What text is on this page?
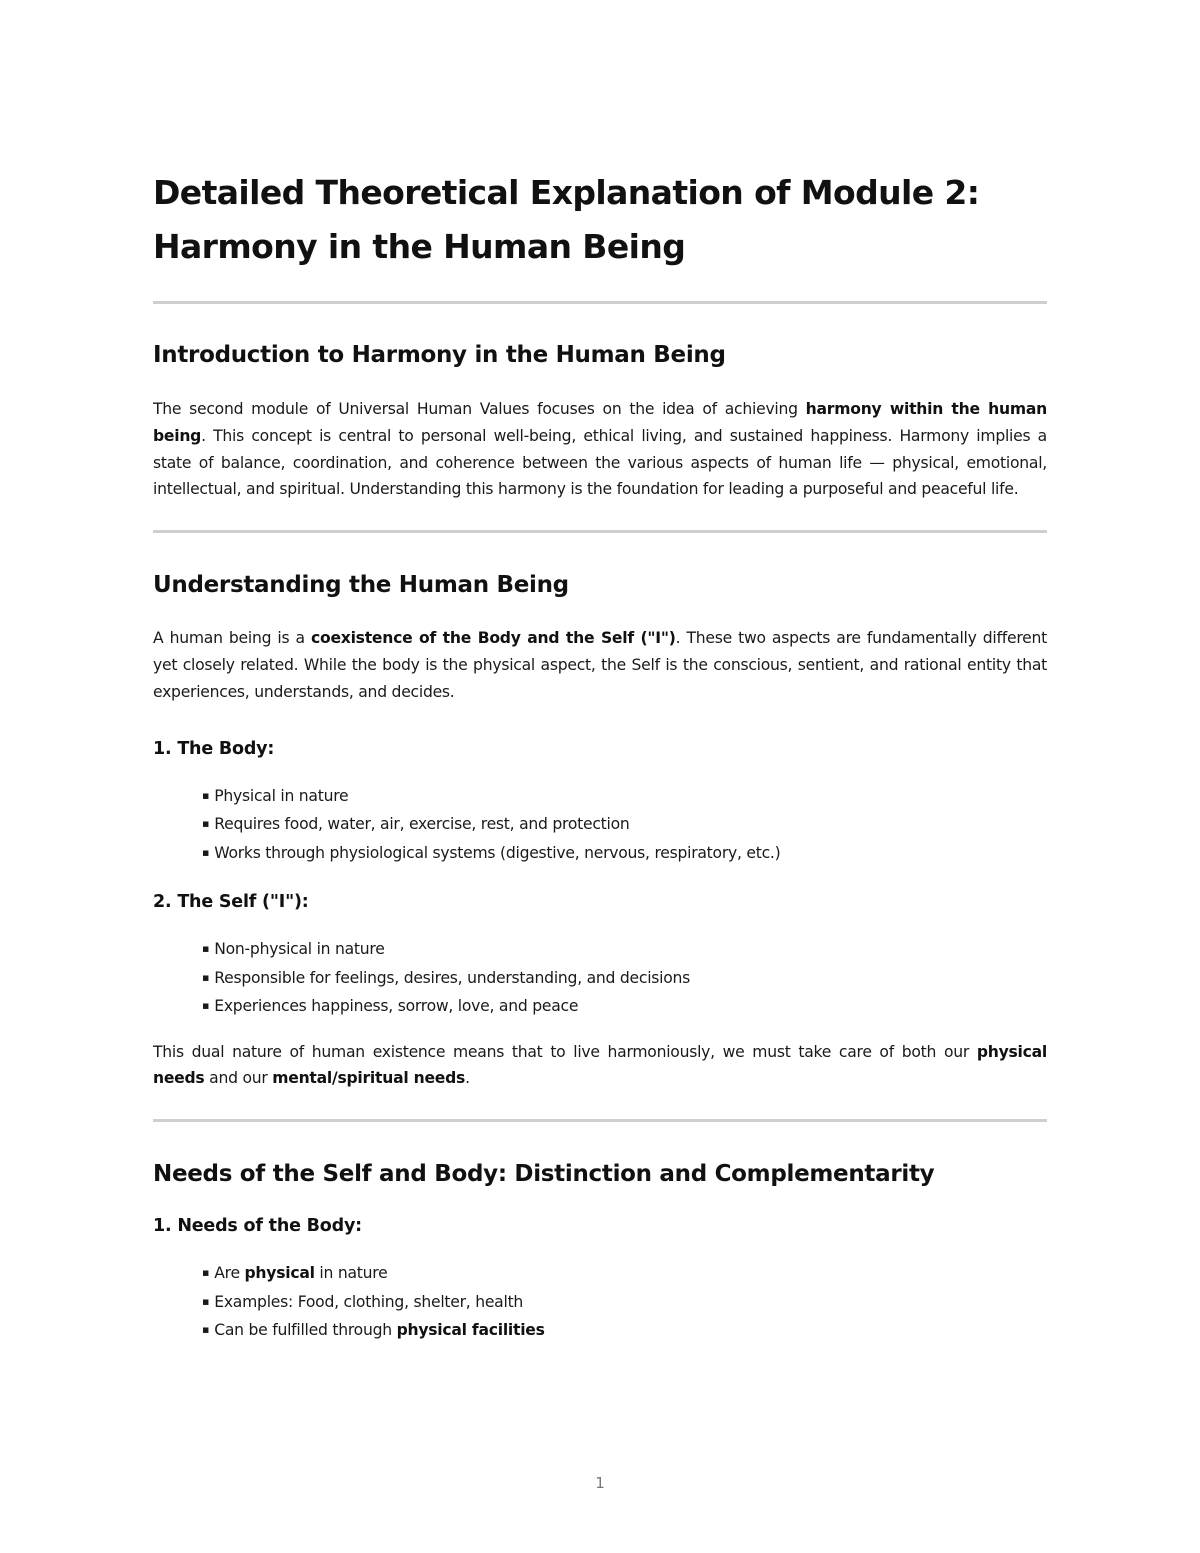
Detailed Theoretical Explanation of Module 2:
Harmony in the Human Being
Introduction to Harmony in the Human Being

The second module of Universal Human Values focuses on the idea of achieving harmony within the human being. This concept is central to personal well-being, ethical living, and sustained happiness. Harmony implies a state of balance, coordination, and coherence between the various aspects of human life — physical, emotional, intellectual, and spiritual. Understanding this harmony is the foundation for leading a purposeful and peaceful life.

Understanding the Human Being

A human being is a coexistence of the Body and the Self ("I"). These two aspects are fundamentally different yet closely related. While the body is the physical aspect, the Self is the conscious, sentient, and rational entity that experiences, understands, and decides.

1. The Body:
▪ Physical in nature
▪ Requires food, water, air, exercise, rest, and protection
▪ Works through physiological systems (digestive, nervous, respiratory, etc.)
2. The Self ("I"):
▪ Non-physical in nature
▪ Responsible for feelings, desires, understanding, and decisions
▪ Experiences happiness, sorrow, love, and peace

This dual nature of human existence means that to live harmoniously, we must take care of both our physical needs and our mental/spiritual needs.

Needs of the Self and Body: Distinction and Complementarity
1. Needs of the Body:
▪ Are physical in nature
▪ Examples: Food, clothing, shelter, health
▪ Can be fulfilled through physical facilities
1
